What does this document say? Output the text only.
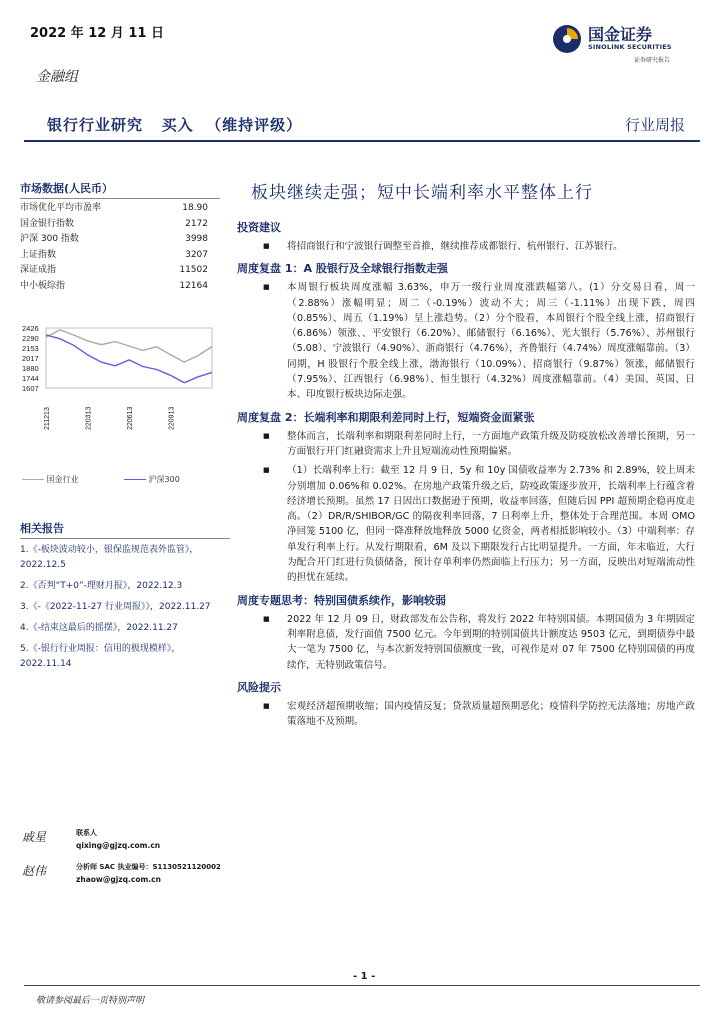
2022 年 12 月 11 日	国金证券
SINOLINK SECURITIES
证券研究报告
金融组
银行行业研究   买入  （维持评级）	行业周报
市场数据(人民币）
市场优化平均市盈率	18.90
国金银行指数	2172
沪深 300 指数	3998
上证指数	3207
深证成指	11502
中小板综指	12164
2426
2290
2153
2017
1880
1744
1607
211213	220313	220613	220913
国金行业	沪深300
相关报告
1.《-板块波动较小，银保监规范表外监管》，2022.12.5
2.《否判“T+0”-理财月报》，2022.12.3
3.《-《2022-11-27 行业周报》》，2022.11.27
4.《-结束这最后的摇摆》，2022.11.27
5.《-银行行业周报：信用的极现模样》，2022.11.14
戚星	联系人
qixing@gjzq.com.cn
赵伟	分析师 SAC 执业编号：S1130521120002
zhaow@gjzq.com.cn
板块继续走强；短中长端利率水平整体上行
投资建议
■ 将招商银行和宁波银行调整至首推，继续推荐成都银行、杭州银行、江苏银行。
周度复盘 1：A 股银行及全球银行指数走强
■ 本周银行板块周度涨幅 3.63%，申万一级行业周度涨跌幅第八。(1）分交易日看，周一（2.88%）涨幅明显；周二（-0.19%）波动不大；周三（-1.11%）出现下跌，周四（0.85%）、周五（1.19%）呈上涨趋势。（2）分个股看，本周银行个股全线上涨，招商银行（6.86%）领涨、、平安银行（6.20%）、邮储银行（6.16%）、光大银行（5.76%）、苏州银行（5.08）、宁波银行（4.90%）、浙商银行（4.76%），齐鲁银行（4.74%）周度涨幅靠前。（3）同期，H 股银行个股全线上涨，渤海银行（10.09%）、招商银行（9.87%）领涨，邮储银行（7.95%）、江西银行（6.98%）、恒生银行（4.32%）周度涨幅靠前。（4）美国、英国、日本、印度银行板块边际走强。
周度复盘 2：长端利率和期限利差同时上行，短端资金面紧张
■ 整体而言，长端利率和期限利差同时上行，一方面地产政策升级及防疫放松改善增长预期，另一方面银行开门红融资需求上升且短端流动性预期偏紧。
■ （1）长端利率上行：截至 12 月 9 日，5y 和 10y 国债收益率为 2.73% 和 2.89%，较上周末分别增加 0.06%和 0.02%。在房地产政策升级之后，防疫政策逐步放开，长端利率上行蕴含着经济增长预期。虽然 17 日因出口数据逊于预期，收益率回落，但随后因 PPI 超预期企稳再度走高。（2）DR/R/SHIBOR/GC 的隔夜利率回落，7 日利率上升，整体处于合理范围。本周 OMO 净回笼 5100 亿，但同一降准释放地释放 5000 亿资金，两者相抵影响较小。（3）中端利率：存单发行利率上行。从发行期限看，6M 及以下期限发行占比明显提升。一方面，年末临近，大行为配合开门红进行负债储备，预计存单利率仍然面临上行压力；另一方面，反映出对短端流动性的担忧在延续。
周度专题思考：特别国债系续作，影响较弱
■ 2022 年 12 月 09 日，财政部发布公告称，将发行 2022 年特别国债。本期国债为 3 年期固定利率附息债，发行面值 7500 亿元。今年到期的特别国债共计额度达 9503 亿元，到期债券中最大一笔为 7500 亿，与本次新发特别国债额度一致，可视作是对 07 年 7500 亿特别国债的再度续作，无特别政策信号。
风险提示
■ 宏观经济超预期收缩；国内疫情反复；贷款质量超预期恶化；疫情科学防控无法落地；房地产政策落地不及预期。
- 1 -
敬请参阅最后一页特别声明
